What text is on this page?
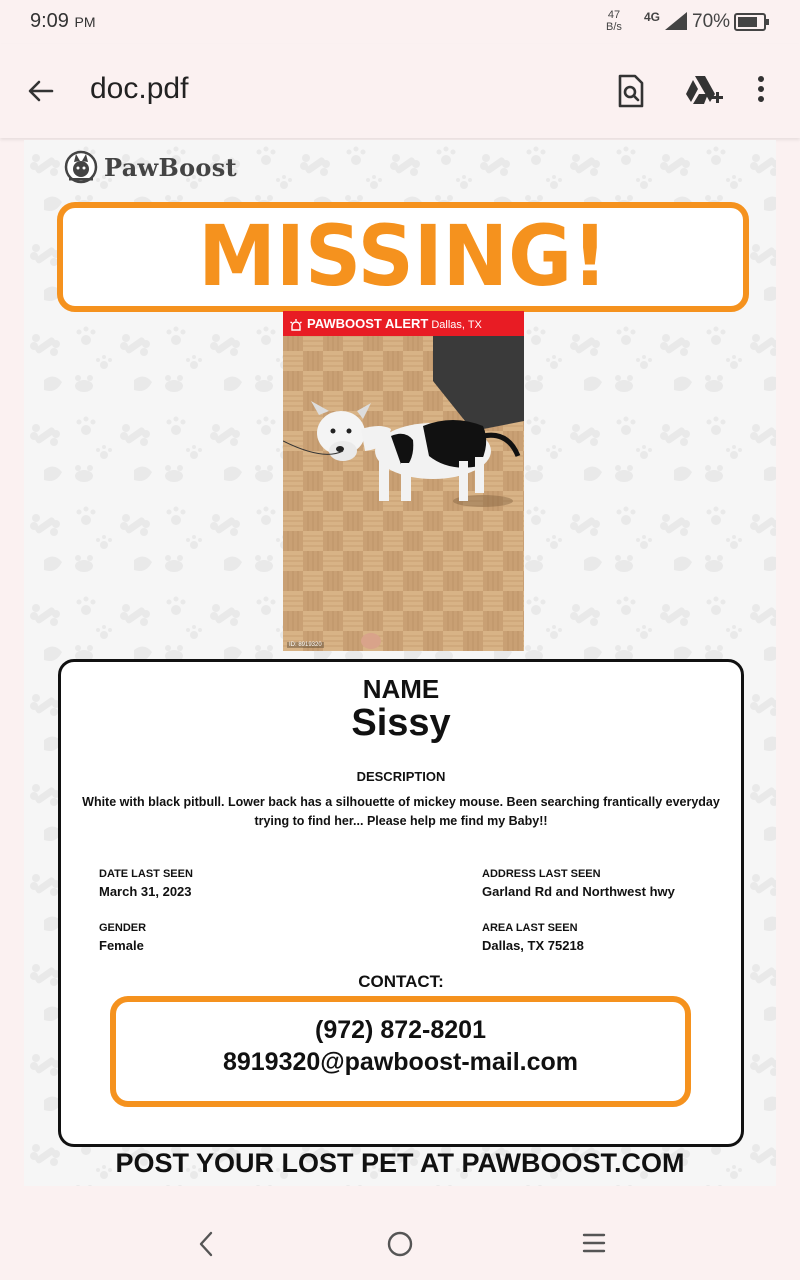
9:09 PM	47
B/s
4G 70%
doc.pdf
PawBoost
MISSING!
PAWBOOST ALERT Dallas, TX
ID: 8919320
NAME
Sissy
DESCRIPTION
White with black pitbull. Lower back has a silhouette of mickey mouse. Been searching frantically everyday
trying to find her... Please help me find my Baby!!
DATE LAST SEEN
March 31, 2023
ADDRESS LAST SEEN
Garland Rd and Northwest hwy
GENDER
Female
AREA LAST SEEN
Dallas, TX 75218
CONTACT:
(972) 872-8201
8919320@pawboost-mail.com
POST YOUR LOST PET AT PAWBOOST.COM
